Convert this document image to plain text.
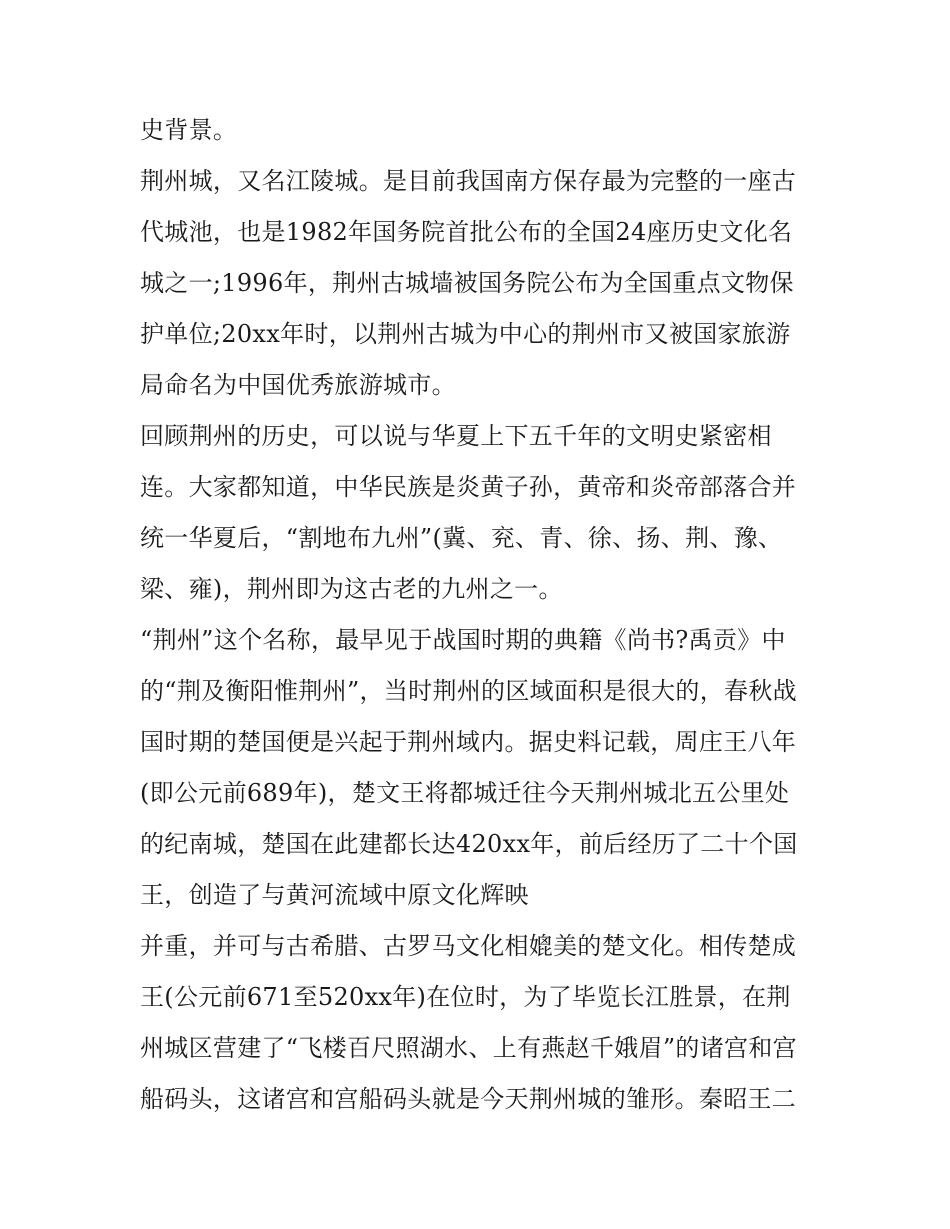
史背景。
荆州城，又名江陵城。是目前我国南方保存最为完整的一座古
代城池，也是1982年国务院首批公布的全国24座历史文化名
城之一;1996年，荆州古城墙被国务院公布为全国重点文物保
护单位;20xx年时，以荆州古城为中心的荆州市又被国家旅游
局命名为中国优秀旅游城市。
回顾荆州的历史，可以说与华夏上下五千年的文明史紧密相
连。大家都知道，中华民族是炎黄子孙，黄帝和炎帝部落合并
统一华夏后，“割地布九州”(冀、兖、青、徐、扬、荆、豫、
梁、雍)，荆州即为这古老的九州之一。
“荆州”这个名称，最早见于战国时期的典籍《尚书?禹贡》中
的“荆及衡阳惟荆州”，当时荆州的区域面积是很大的，春秋战
国时期的楚国便是兴起于荆州域内。据史料记载，周庄王八年
(即公元前689年)，楚文王将都城迁往今天荆州城北五公里处
的纪南城，楚国在此建都长达420xx年，前后经历了二十个国
王，创造了与黄河流域中原文化辉映
并重，并可与古希腊、古罗马文化相媲美的楚文化。相传楚成
王(公元前671至520xx年)在位时，为了毕览长江胜景，在荆
州城区营建了“飞楼百尺照湖水、上有燕赵千娥眉”的诸宫和宫
船码头，这诸宫和宫船码头就是今天荆州城的雏形。秦昭王二
